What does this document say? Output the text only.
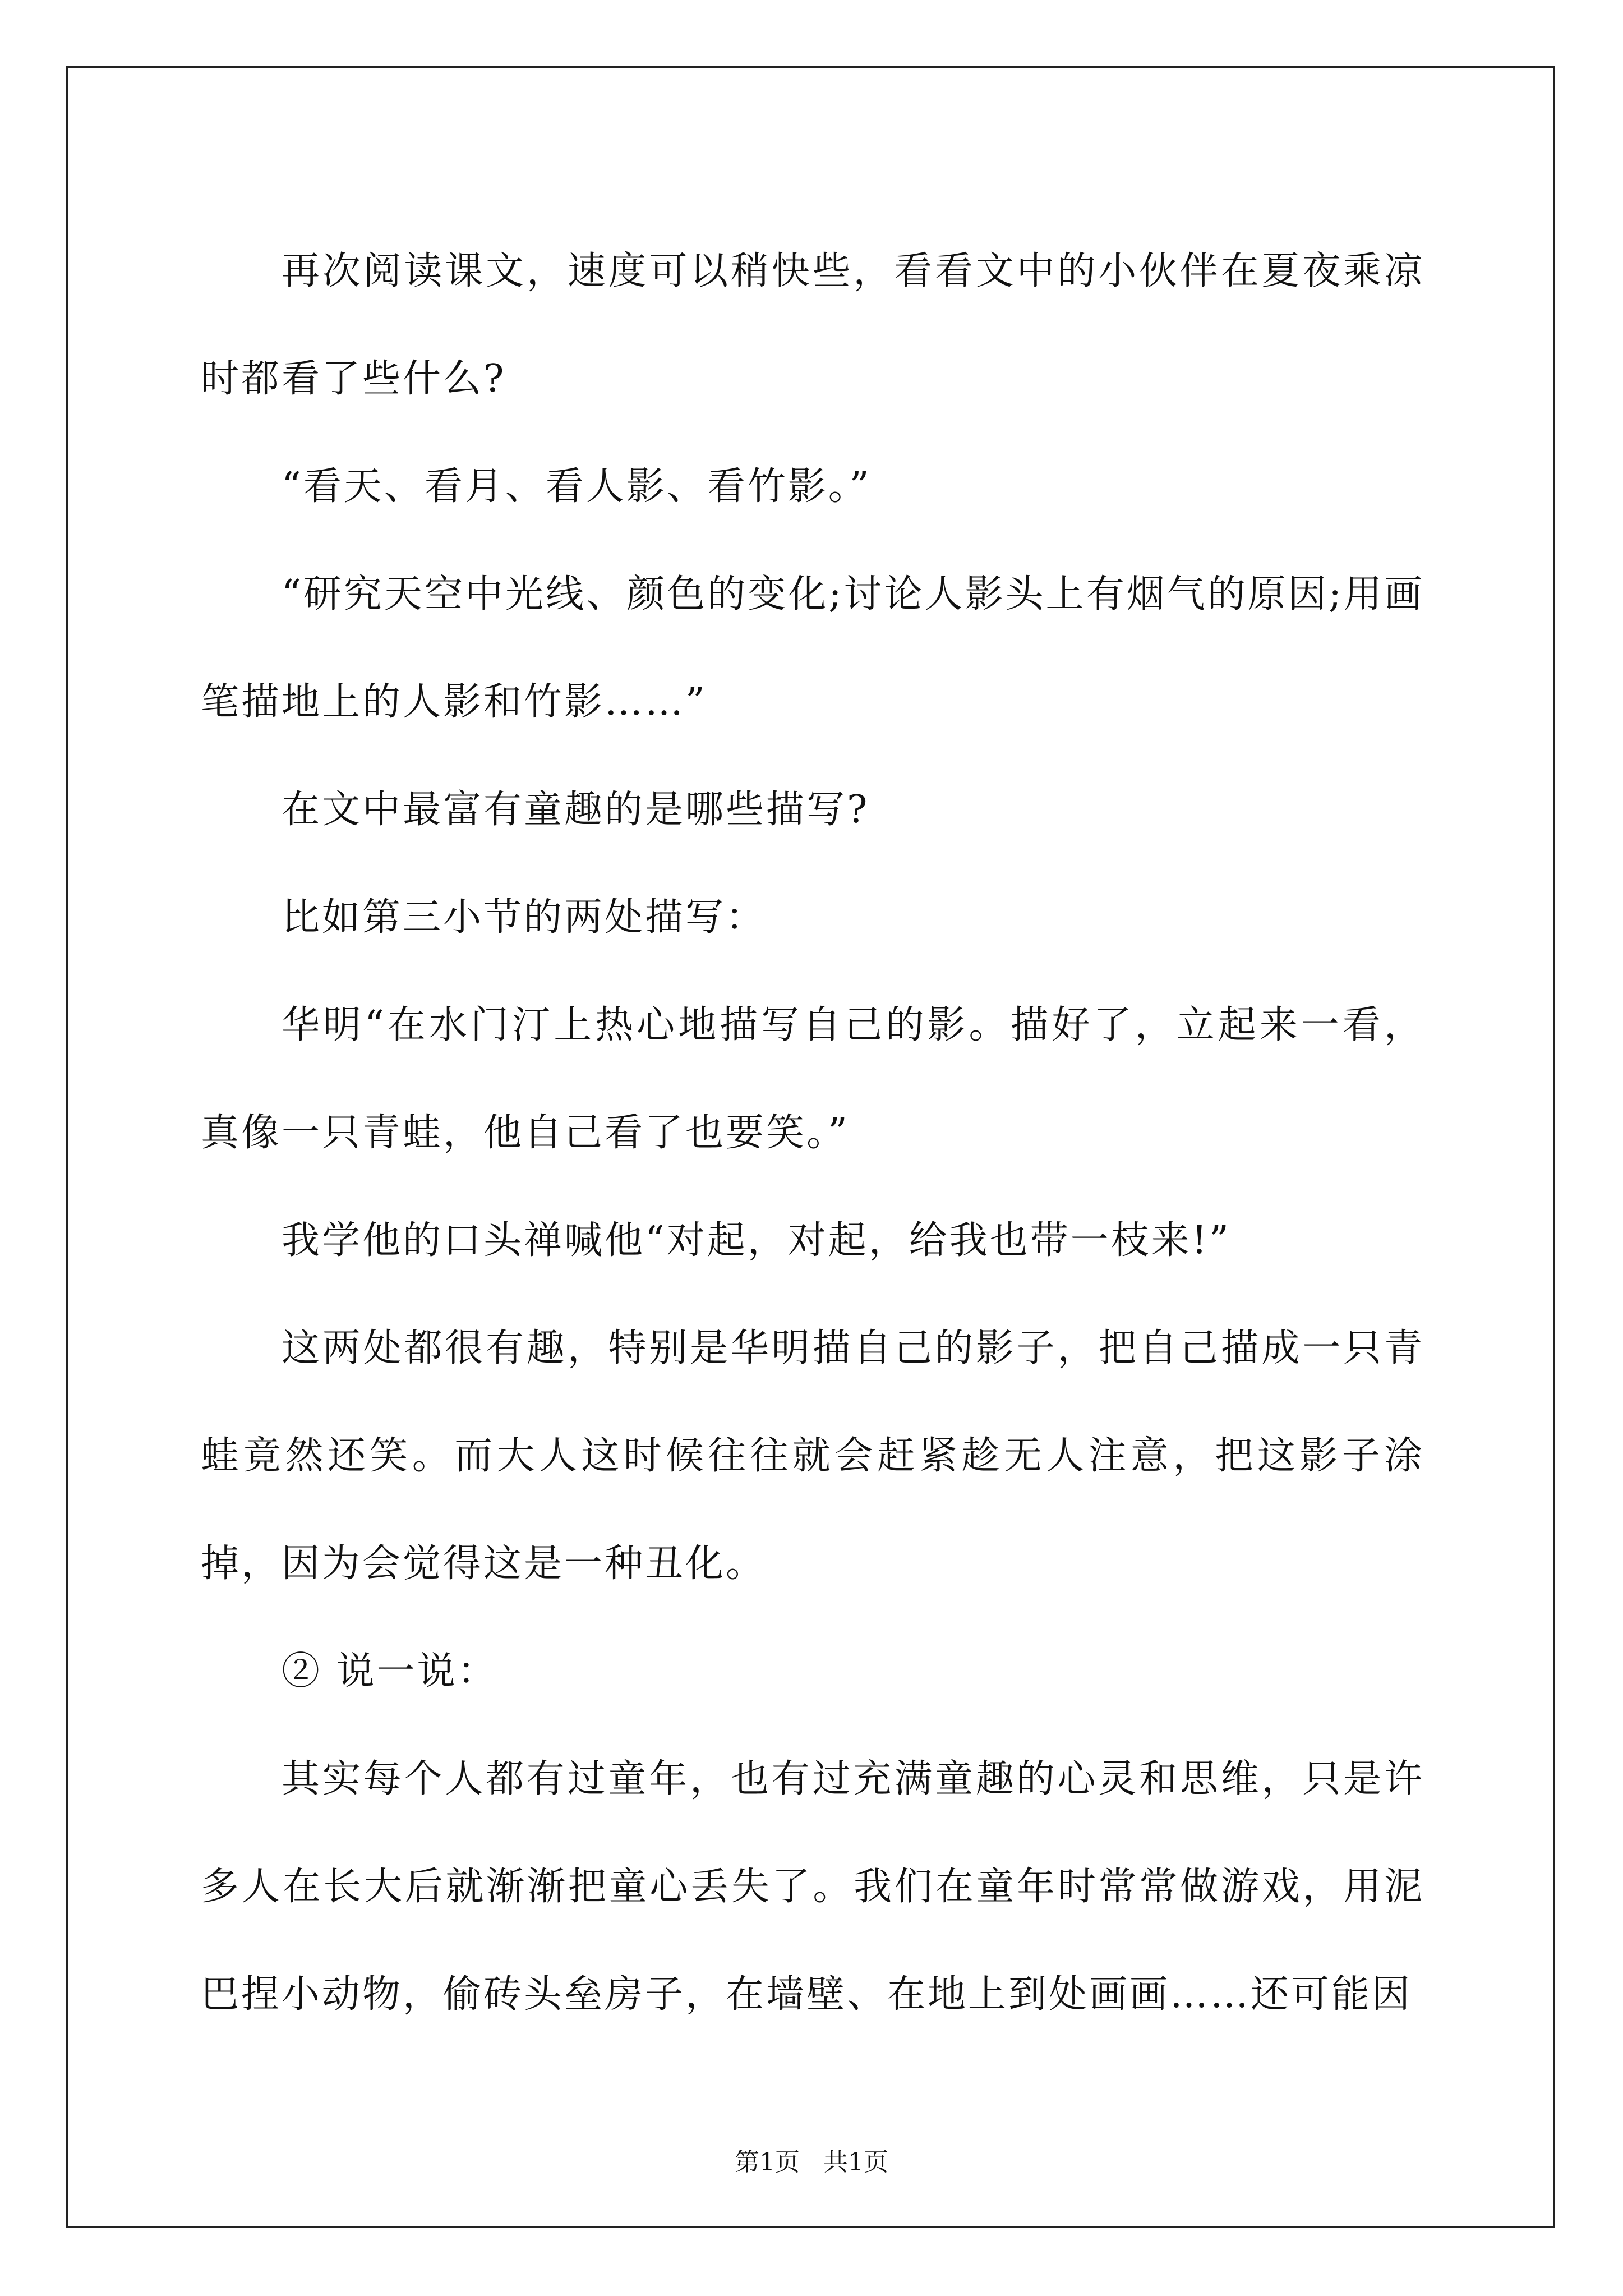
再次阅读课文，速度可以稍快些，看看文中的小伙伴在夏夜乘凉时都看了些什么?

“看天、看月、看人影、看竹影。”

“研究天空中光线、颜色的变化;讨论人影头上有烟气的原因;用画笔描地上的人影和竹影……”

在文中最富有童趣的是哪些描写?

比如第三小节的两处描写：

华明“在水门汀上热心地描写自己的影。描好了，立起来一看，真像一只青蛙，他自己看了也要笑。”

我学他的口头禅喊他“对起，对起，给我也带一枝来!”

这两处都很有趣，特别是华明描自己的影子，把自己描成一只青蛙竟然还笑。而大人这时候往往就会赶紧趁无人注意，把这影子涂掉，因为会觉得这是一种丑化。

② 说一说：

其实每个人都有过童年，也有过充满童趣的心灵和思维，只是许多人在长大后就渐渐把童心丢失了。我们在童年时常常做游戏，用泥巴捏小动物，偷砖头垒房子，在墙壁、在地上到处画画……还可能因

第1页 共1页
